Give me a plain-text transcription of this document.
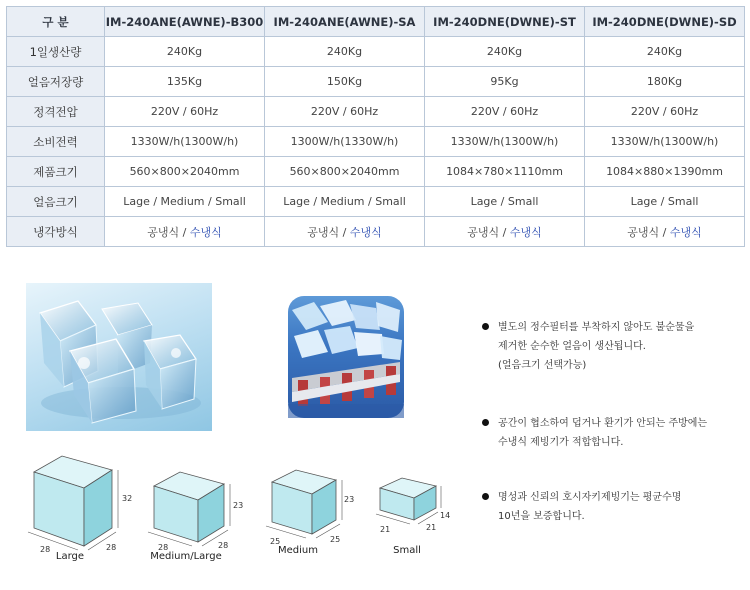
구 분	IM-240ANE(AWNE)-B300	IM-240ANE(AWNE)-SA	IM-240DNE(DWNE)-ST	IM-240DNE(DWNE)-SD
1일생산량	240Kg	240Kg	240Kg	240Kg
얼음저장량	135Kg	150Kg	95Kg	180Kg
정격전압	220V / 60Hz	220V / 60Hz	220V / 60Hz	220V / 60Hz
소비전력	1330W/h(1300W/h)	1300W/h(1330W/h)	1330W/h(1300W/h)	1330W/h(1300W/h)
제품크기	560×800×2040mm	560×800×2040mm	1084×780×1110mm	1084×880×1390mm
얼음크기	Lage / Medium / Small	Lage / Medium / Small	Lage / Small	Lage / Small
냉각방식	공냉식 / 수냉식	공냉식 / 수냉식	공냉식 / 수냉식	공냉식 / 수냉식
별도의 정수필터를 부착하지 않아도 불순물을
제거한 순수한 얼음이 생산됩니다.
(얼음크기 선택가능)
공간이 협소하여 덥거나 환기가 안되는 주방에는
수냉식 제빙기가 적합합니다.
명성과 신뢰의 호시자키제빙기는 평균수명
10년을 보증합니다.
32
28	28
Large
23
28	28
Medium/Large
23
25	25
Medium
14
21	21
Small
